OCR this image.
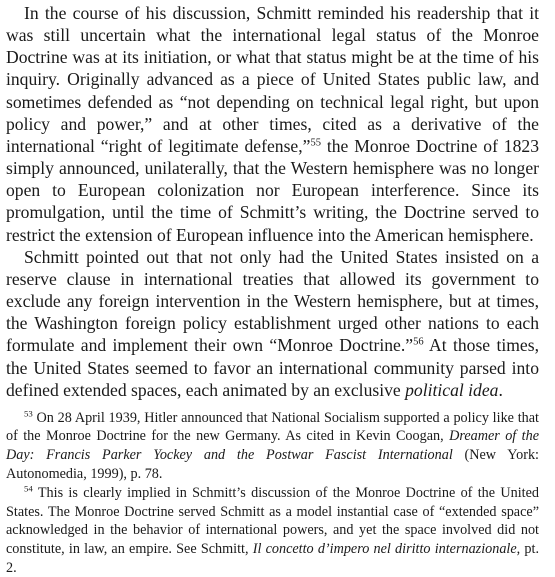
In the course of his discussion, Schmitt reminded his readership that it was still uncertain what the international legal status of the Monroe Doctrine was at its initiation, or what that status might be at the time of his inquiry. Originally advanced as a piece of United States public law, and sometimes defended as “not depending on technical legal right, but upon policy and power,” and at other times, cited as a derivative of the international “right of legitimate defense,”$^{55}$ the Monroe Doctrine of 1823 simply announced, unilaterally, that the Western hemisphere was no longer open to European colonization nor European interference. Since its promulgation, until the time of Schmitt’s writing, the Doctrine served to restrict the extension of European influence into the American hemisphere.

Schmitt pointed out that not only had the United States insisted on a reserve clause in international treaties that allowed its government to exclude any foreign intervention in the Western hemisphere, but at times, the Washington foreign policy establishment urged other nations to each formulate and implement their own “Monroe Doctrine.”$^{56}$ At those times, the United States seemed to favor an international community parsed into defined extended spaces, each animated by an exclusive political idea.

$^{53}$ On 28 April 1939, Hitler announced that National Socialism supported a policy like that of the Monroe Doctrine for the new Germany. As cited in Kevin Coogan, Dreamer of the Day: Francis Parker Yockey and the Postwar Fascist International (New York: Autonomedia, 1999), p. 78.

$^{54}$ This is clearly implied in Schmitt’s discussion of the Monroe Doctrine of the United States. The Monroe Doctrine served Schmitt as a model instantial case of “extended space” acknowledged in the behavior of international powers, and yet the space involved did not constitute, in law, an empire. See Schmitt, Il concetto d’impero nel diritto internazionale, pt. 2.
